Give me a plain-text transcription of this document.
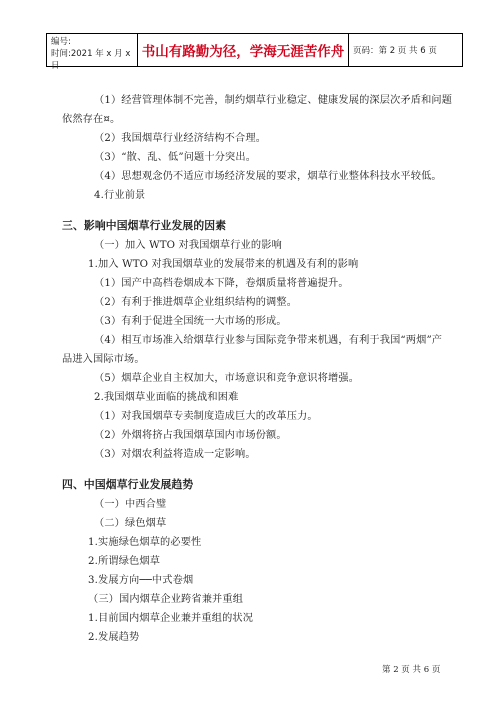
编号:
时间:2021 年 x 月 x 日
书山有路勤为径，学海无涯苦作舟	页码：第 2 页 共 6 页
（1）经营管理体制不完善，制约烟草行业稳定、健康发展的深层次矛盾和问题
依然存在¤。
（2）我国烟草行业经济结构不合理。
（3）“散、乱、低”问题十分突出。
（4）思想观念仍不适应市场经济发展的要求，烟草行业整体科技水平较低。
4.行业前景
三、影响中国烟草行业发展的因素
（一）加入 WTO 对我国烟草行业的影响
1.加入 WTO 对我国烟草业的发展带来的机遇及有利的影响
（1）国产中高档卷烟成本下降，卷烟质量将普遍提升。
（2）有利于推进烟草企业组织结构的调整。
（3）有利于促进全国统一大市场的形成。
（4）相互市场准入给烟草行业参与国际竞争带来机遇，有利于我国“两烟”产
品进入国际市场。
（5）烟草企业自主权加大，市场意识和竞争意识将增强。
2.我国烟草业面临的挑战和困难
（1）对我国烟草专卖制度造成巨大的改革压力。
（2）外烟将挤占我国烟草国内市场份额。
（3）对烟农利益将造成一定影响。
四、中国烟草行业发展趋势
（一）中西合璧
（二）绿色烟草
1.实施绿色烟草的必要性
2.所谓绿色烟草
3.发展方向──中式卷烟
（三）国内烟草企业跨省兼并重组
1.目前国内烟草企业兼并重组的状况
2.发展趋势
第 2 页 共 6 页
